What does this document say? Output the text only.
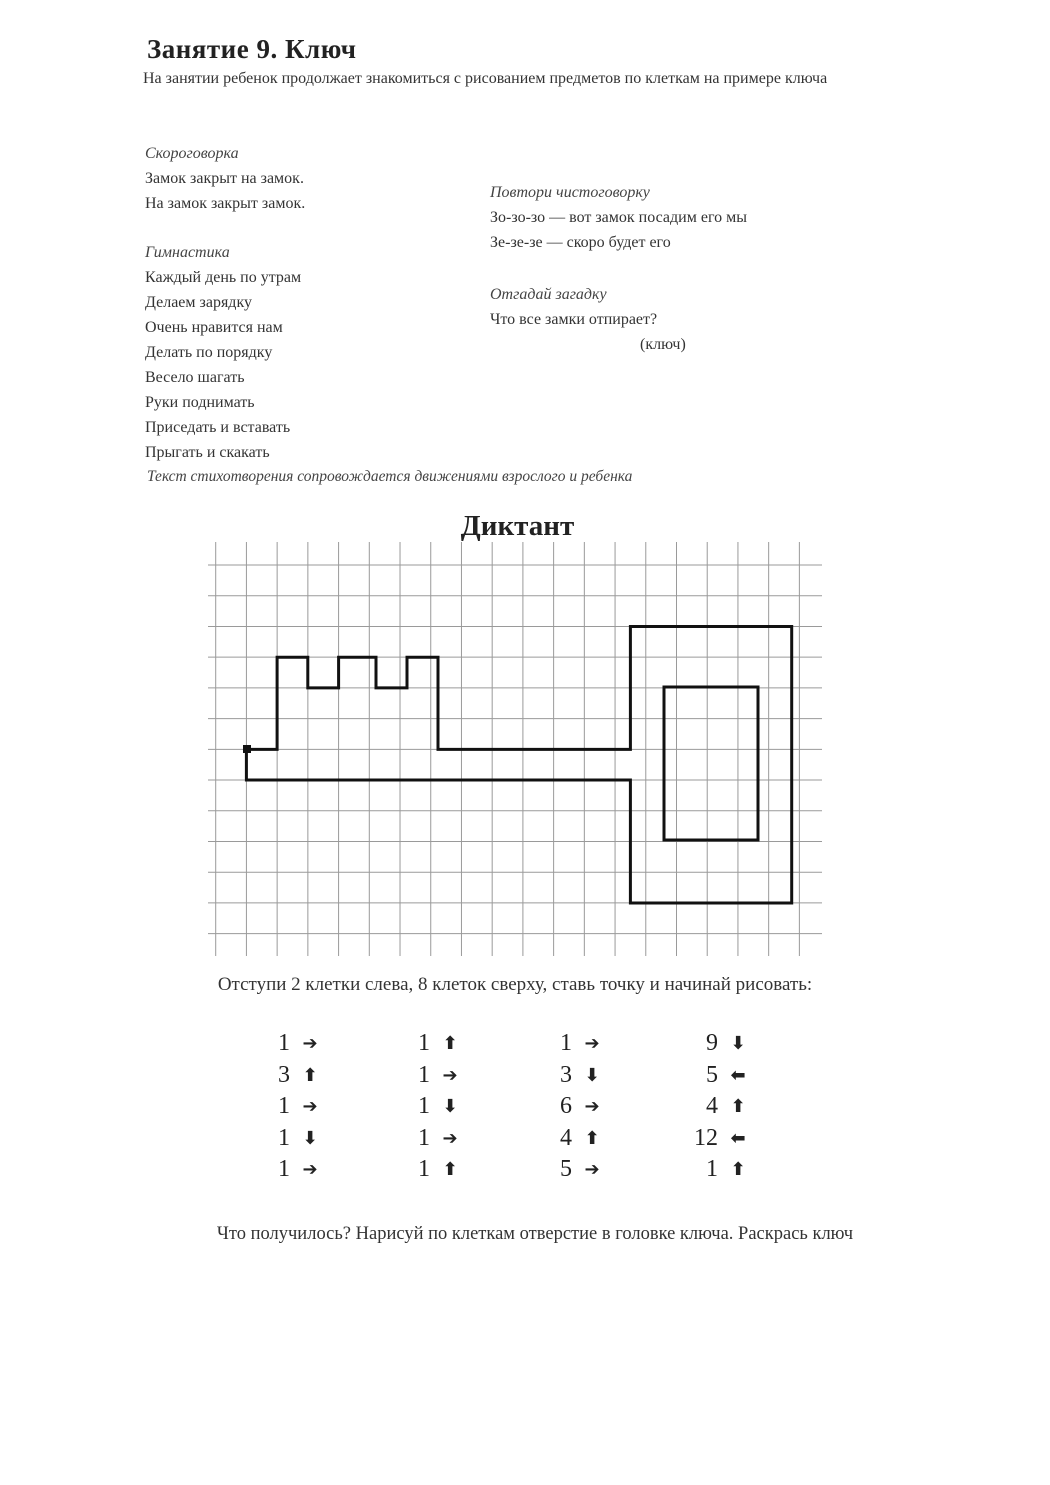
Занятие 9. Ключ
На занятии ребенок продолжает знакомиться с рисованием предметов по клеткам на примере ключа
Скороговорка
Замок закрыт на замок.
На замок закрыт замок.
Повтори чистоговорку
Зо-зо-зо — вот замок посадим его мы
Зе-зе-зе — скоро будет его
Гимнастика
Каждый день по утрам
Делаем зарядку
Очень нравится нам
Делать по порядку
Весело шагать
Руки поднимать
Приседать и вставать
Прыгать и скакать
Отгадай загадку
Что все замки отпирает?
(ключ)
Текст стихотворения сопровождается движениями взрослого и ребенка
Диктант
Отступи 2 клетки слева, 8 клеток сверху, ставь точку и начинай рисовать:
1 ➔
3 ⬆
1 ➔
1 ⬇
1 ➔
1 ⬆
1 ➔
1 ⬇
1 ➔
1 ⬆
1 ➔
3 ⬇
6 ➔
4 ⬆
5 ➔
9 ⬇
5 ⬅
4 ⬆
12 ⬅
1 ⬆
Что получилось? Нарисуй по клеткам отверстие в головке ключа. Раскрась ключ
